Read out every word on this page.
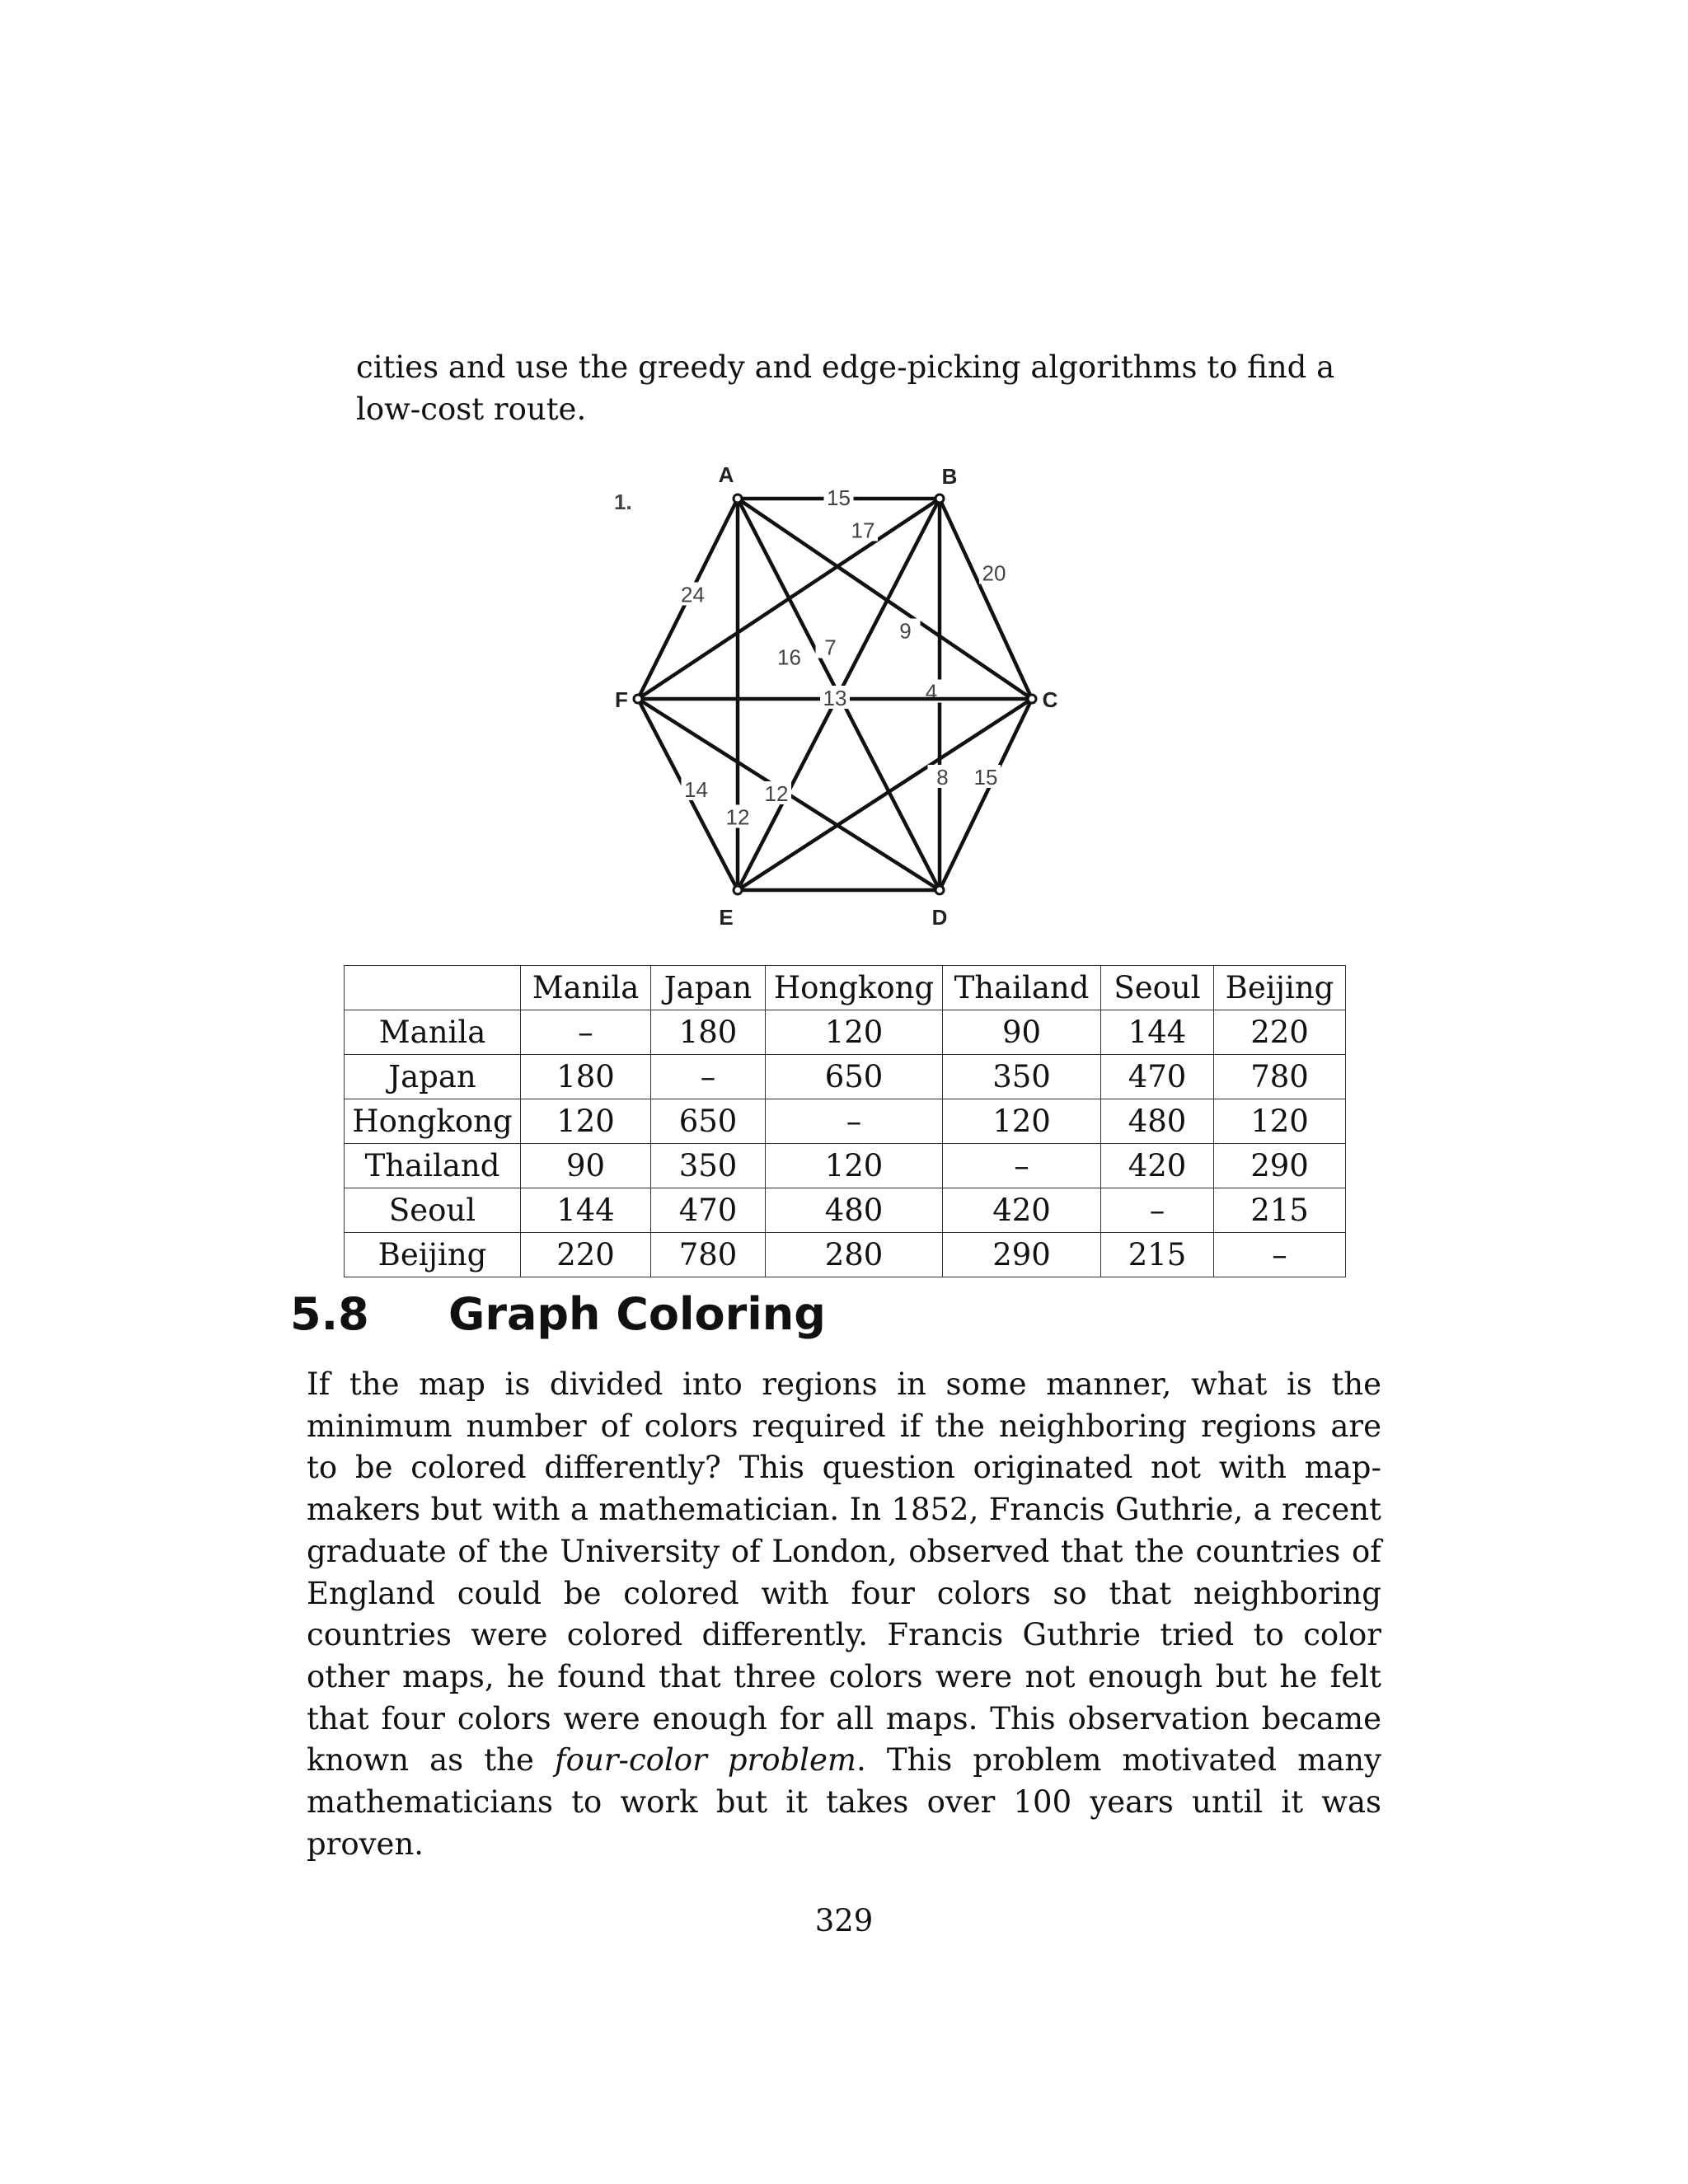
cities and use the greedy and edge-picking algorithms to find a low-cost route.

1.	15
24
12
9
7
20
17
4
16
13
15
8
14	12
A	B
C
D
E
F
	Manila	Japan	Hongkong	Thailand	Seoul	Beijing
Manila	–	180	120	90	144	220
Japan	180	–	650	350	470	780
Hongkong	120	650	–	120	480	120
Thailand	90	350	120	–	420	290
Seoul	144	470	480	420	–	215
Beijing	220	780	280	290	215	–
5.8 Graph Coloring

If the map is divided into regions in some manner, what is the minimum number of colors required if the neighboring regions are to be colored differently? This question originated not with map-makers but with a mathematician. In 1852, Francis Guthrie, a recent graduate of the University of London, observed that the countries of England could be colored with four colors so that neighboring countries were colored differently. Francis Guthrie tried to color other maps, he found that three colors were not enough but he felt that four colors were enough for all maps. This observation became known as the four-color problem. This problem motivated many mathematicians to work but it takes over 100 years until it was proven.

329
